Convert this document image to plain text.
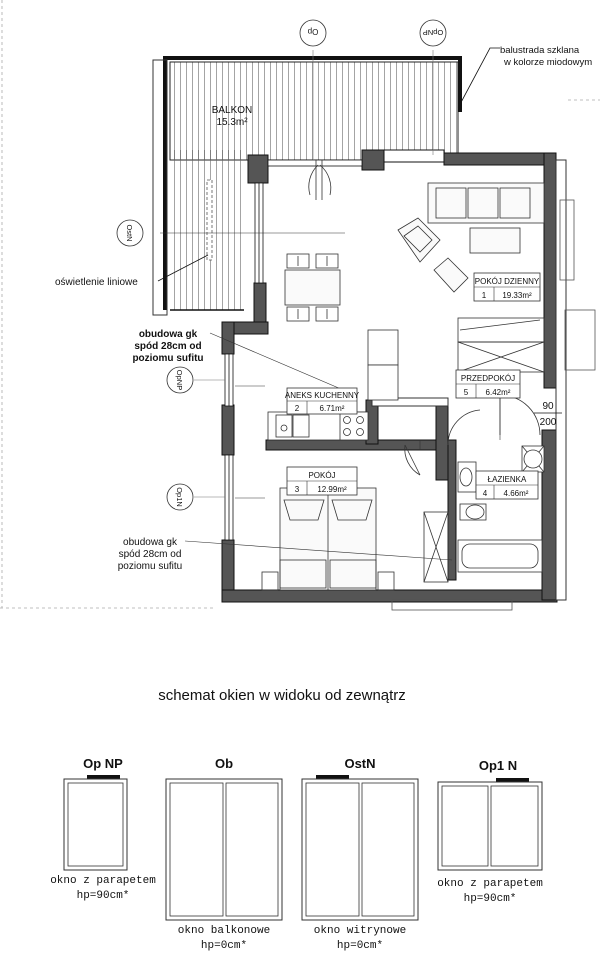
BALKON
15.3m²
balustrada szklana
w kolorze miodowym
oświetlenie liniowe
obudowa gk
spód 28cm od
poziomu sufitu
obudowa gk
spód 28cm od
poziomu sufitu
Op	OpNP
OstN
OpNP
Op1N
POKÓJ DZIENNY
1 19.33m²
ANEKS KUCHENNY
2	6.71m²
POKÓJ
3 12.99m²
ŁAZIENKA
4 4.66m²
PRZEDPOKÓJ
5 6.42m²
90
200
schemat okien w widoku od zewnątrz
Op NP
okno z parapetem
hp=90cm*
Ob
okno balkonowe
hp=0cm*
OstN
okno witrynowe
hp=0cm*
Op1 N
okno z parapetem
hp=90cm*
